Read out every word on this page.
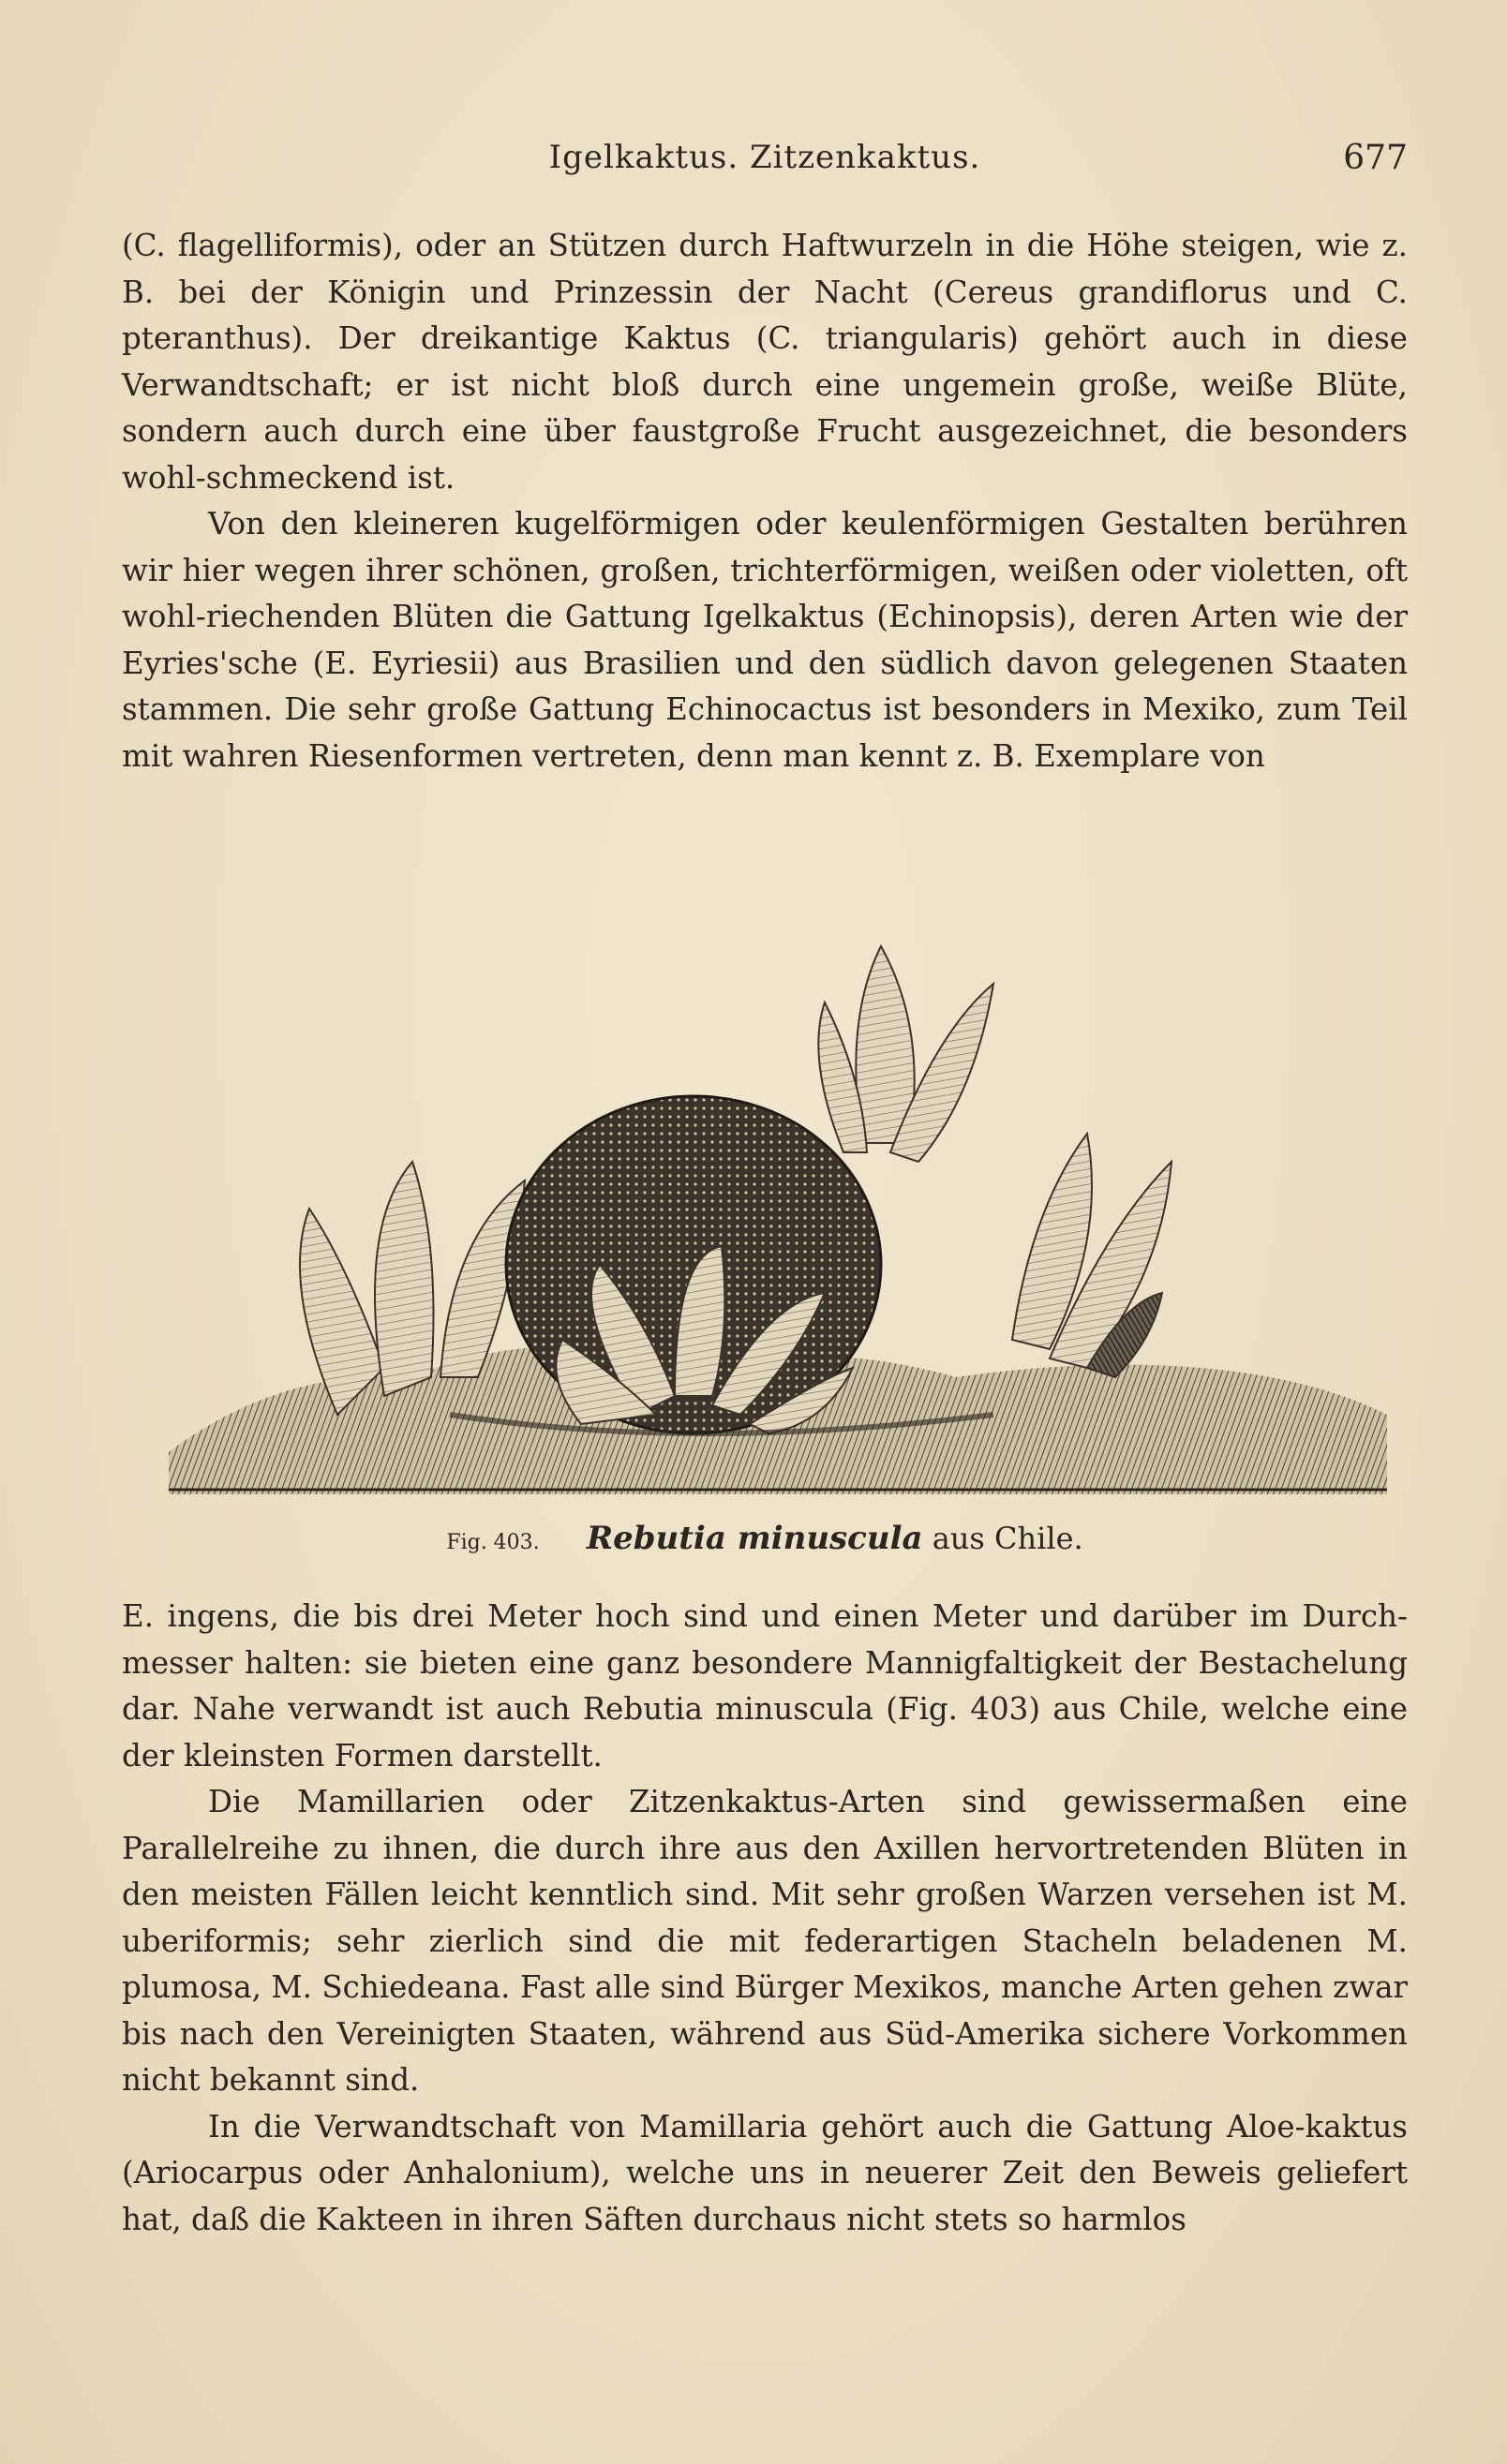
Igelkaktus. Zitzenkaktus.	677

(C. flagelliformis), oder an Stützen durch Haftwurzeln in die Höhe steigen, wie z. B. bei der Königin und Prinzessin der Nacht (Cereus grandiflorus und C. pteranthus). Der dreikantige Kaktus (C. triangularis) gehört auch in diese Verwandtschaft; er ist nicht bloß durch eine ungemein große, weiße Blüte, sondern auch durch eine über faustgroße Frucht ausgezeichnet, die besonders wohl-schmeckend ist.

Von den kleineren kugelförmigen oder keulenförmigen Gestalten berühren wir hier wegen ihrer schönen, großen, trichterförmigen, weißen oder violetten, oft wohl-riechenden Blüten die Gattung Igelkaktus (Echinopsis), deren Arten wie der Eyries'sche (E. Eyriesii) aus Brasilien und den südlich davon gelegenen Staaten stammen. Die sehr große Gattung Echinocactus ist besonders in Mexiko, zum Teil mit wahren Riesenformen vertreten, denn man kennt z. B. Exemplare von

Fig. 403. Rebutia minuscula aus Chile.

E. ingens, die bis drei Meter hoch sind und einen Meter und darüber im Durch-messer halten: sie bieten eine ganz besondere Mannigfaltigkeit der Bestachelung dar. Nahe verwandt ist auch Rebutia minuscula (Fig. 403) aus Chile, welche eine der kleinsten Formen darstellt.

Die Mamillarien oder Zitzenkaktus-Arten sind gewissermaßen eine Parallelreihe zu ihnen, die durch ihre aus den Axillen hervortretenden Blüten in den meisten Fällen leicht kenntlich sind. Mit sehr großen Warzen versehen ist M. uberiformis; sehr zierlich sind die mit federartigen Stacheln beladenen M. plumosa, M. Schiedeana. Fast alle sind Bürger Mexikos, manche Arten gehen zwar bis nach den Vereinigten Staaten, während aus Süd-Amerika sichere Vorkommen nicht bekannt sind.

In die Verwandtschaft von Mamillaria gehört auch die Gattung Aloe-kaktus (Ariocarpus oder Anhalonium), welche uns in neuerer Zeit den Beweis geliefert hat, daß die Kakteen in ihren Säften durchaus nicht stets so harmlos
